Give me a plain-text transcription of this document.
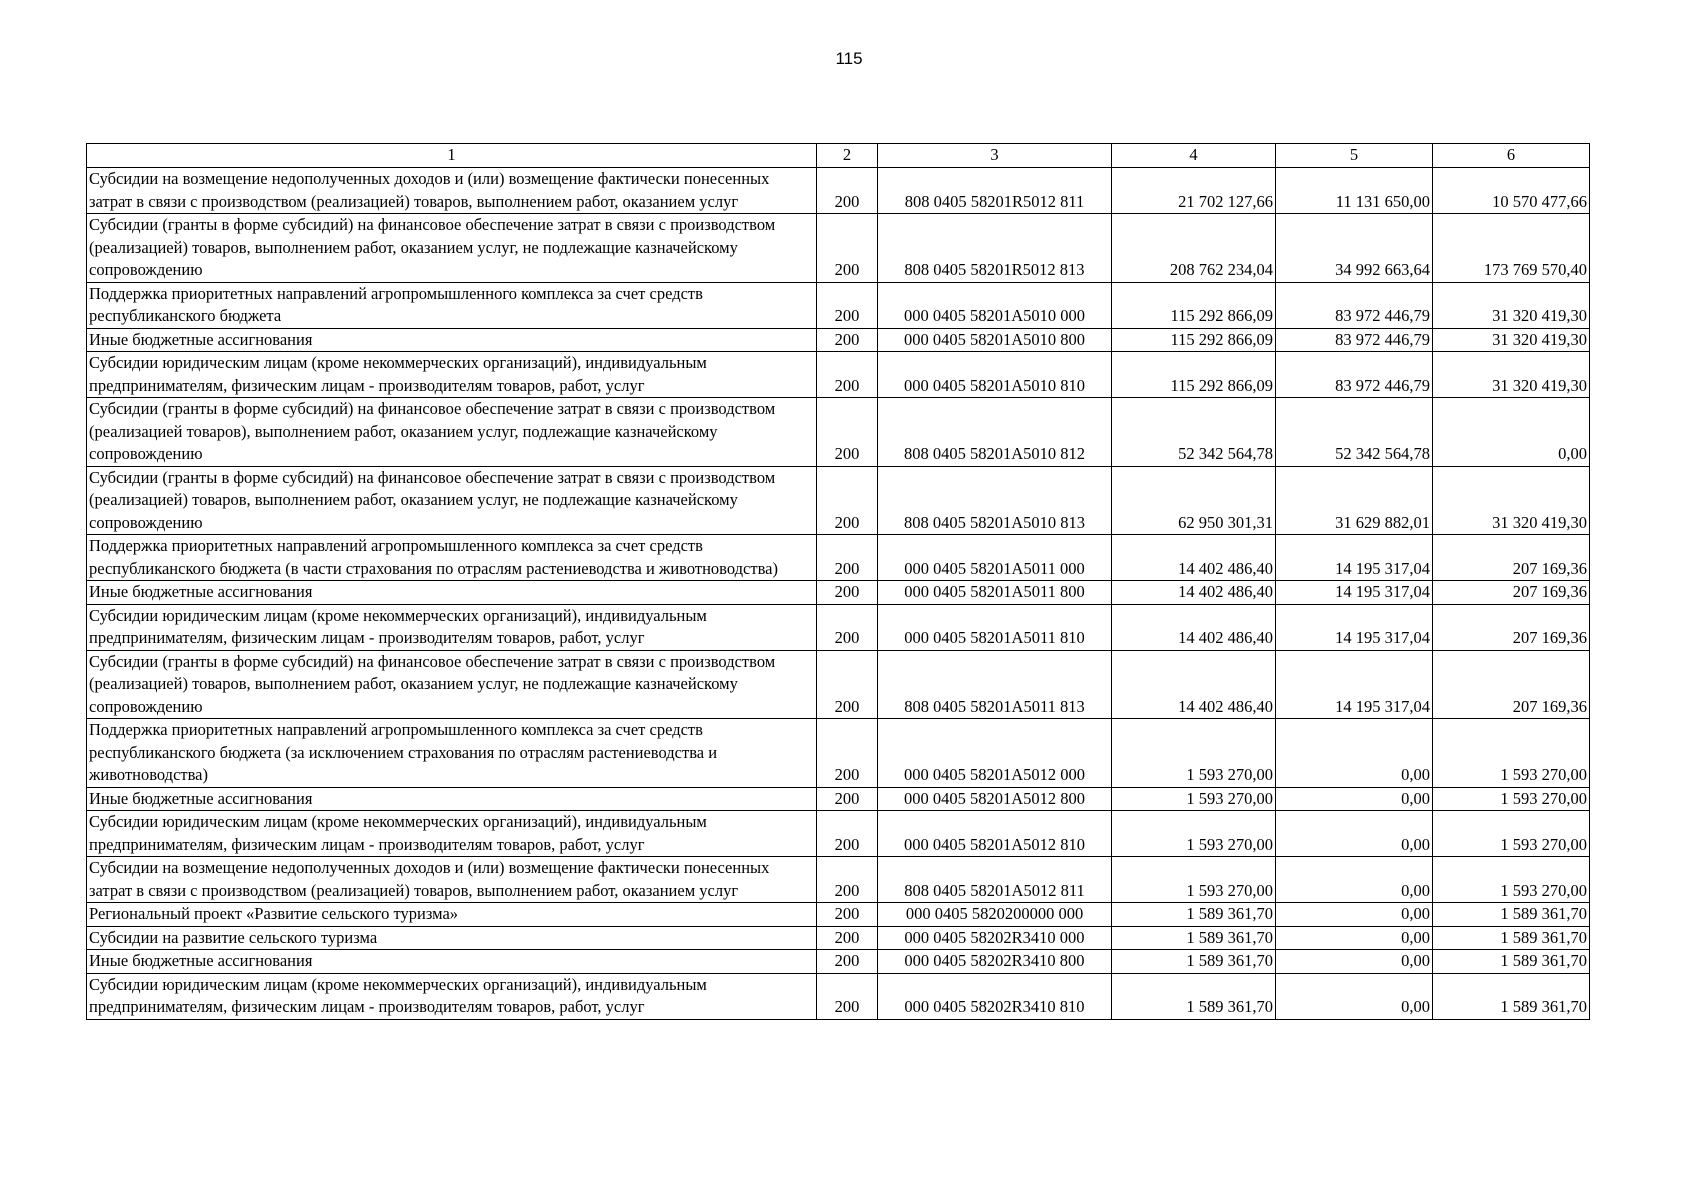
115
1	2	3	4	5	6
Субсидии на возмещение недополученных доходов и (или) возмещение фактически понесенных затрат в связи с производством (реализацией) товаров, выполнением работ, оказанием услуг	200	808 0405 58201R5012 811	21 702 127,66	11 131 650,00	10 570 477,66
Субсидии (гранты в форме субсидий) на финансовое обеспечение затрат в связи с производством (реализацией) товаров, выполнением работ, оказанием услуг, не подлежащие казначейскому сопровождению	200	808 0405 58201R5012 813	208 762 234,04	34 992 663,64	173 769 570,40
Поддержка приоритетных направлений агропромышленного комплекса за счет средств республиканского бюджета	200	000 0405 58201A5010 000	115 292 866,09	83 972 446,79	31 320 419,30
Иные бюджетные ассигнования	200	000 0405 58201A5010 800	115 292 866,09	83 972 446,79	31 320 419,30
Субсидии юридическим лицам (кроме некоммерческих организаций), индивидуальным предпринимателям, физическим лицам - производителям товаров, работ, услуг	200	000 0405 58201A5010 810	115 292 866,09	83 972 446,79	31 320 419,30
Субсидии (гранты в форме субсидий) на финансовое обеспечение затрат в связи с производством (реализацией товаров), выполнением работ, оказанием услуг, подлежащие казначейскому сопровождению	200	808 0405 58201A5010 812	52 342 564,78	52 342 564,78	0,00
Субсидии (гранты в форме субсидий) на финансовое обеспечение затрат в связи с производством (реализацией) товаров, выполнением работ, оказанием услуг, не подлежащие казначейскому сопровождению	200	808 0405 58201A5010 813	62 950 301,31	31 629 882,01	31 320 419,30
Поддержка приоритетных направлений агропромышленного комплекса за счет средств республиканского бюджета (в части страхования по отраслям растениеводства и животноводства)	200	000 0405 58201A5011 000	14 402 486,40	14 195 317,04	207 169,36
Иные бюджетные ассигнования	200	000 0405 58201A5011 800	14 402 486,40	14 195 317,04	207 169,36
Субсидии юридическим лицам (кроме некоммерческих организаций), индивидуальным предпринимателям, физическим лицам - производителям товаров, работ, услуг	200	000 0405 58201A5011 810	14 402 486,40	14 195 317,04	207 169,36
Субсидии (гранты в форме субсидий) на финансовое обеспечение затрат в связи с производством (реализацией) товаров, выполнением работ, оказанием услуг, не подлежащие казначейскому сопровождению	200	808 0405 58201A5011 813	14 402 486,40	14 195 317,04	207 169,36
Поддержка приоритетных направлений агропромышленного комплекса за счет средств республиканского бюджета (за исключением страхования по отраслям растениеводства и животноводства)	200	000 0405 58201A5012 000	1 593 270,00	0,00	1 593 270,00
Иные бюджетные ассигнования	200	000 0405 58201A5012 800	1 593 270,00	0,00	1 593 270,00
Субсидии юридическим лицам (кроме некоммерческих организаций), индивидуальным предпринимателям, физическим лицам - производителям товаров, работ, услуг	200	000 0405 58201A5012 810	1 593 270,00	0,00	1 593 270,00
Субсидии на возмещение недополученных доходов и (или) возмещение фактически понесенных затрат в связи с производством (реализацией) товаров, выполнением работ, оказанием услуг	200	808 0405 58201A5012 811	1 593 270,00	0,00	1 593 270,00
Региональный проект «Развитие сельского туризма»	200	000 0405 5820200000 000	1 589 361,70	0,00	1 589 361,70
Субсидии на развитие сельского туризма	200	000 0405 58202R3410 000	1 589 361,70	0,00	1 589 361,70
Иные бюджетные ассигнования	200	000 0405 58202R3410 800	1 589 361,70	0,00	1 589 361,70
Субсидии юридическим лицам (кроме некоммерческих организаций), индивидуальным предпринимателям, физическим лицам - производителям товаров, работ, услуг	200	000 0405 58202R3410 810	1 589 361,70	0,00	1 589 361,70
